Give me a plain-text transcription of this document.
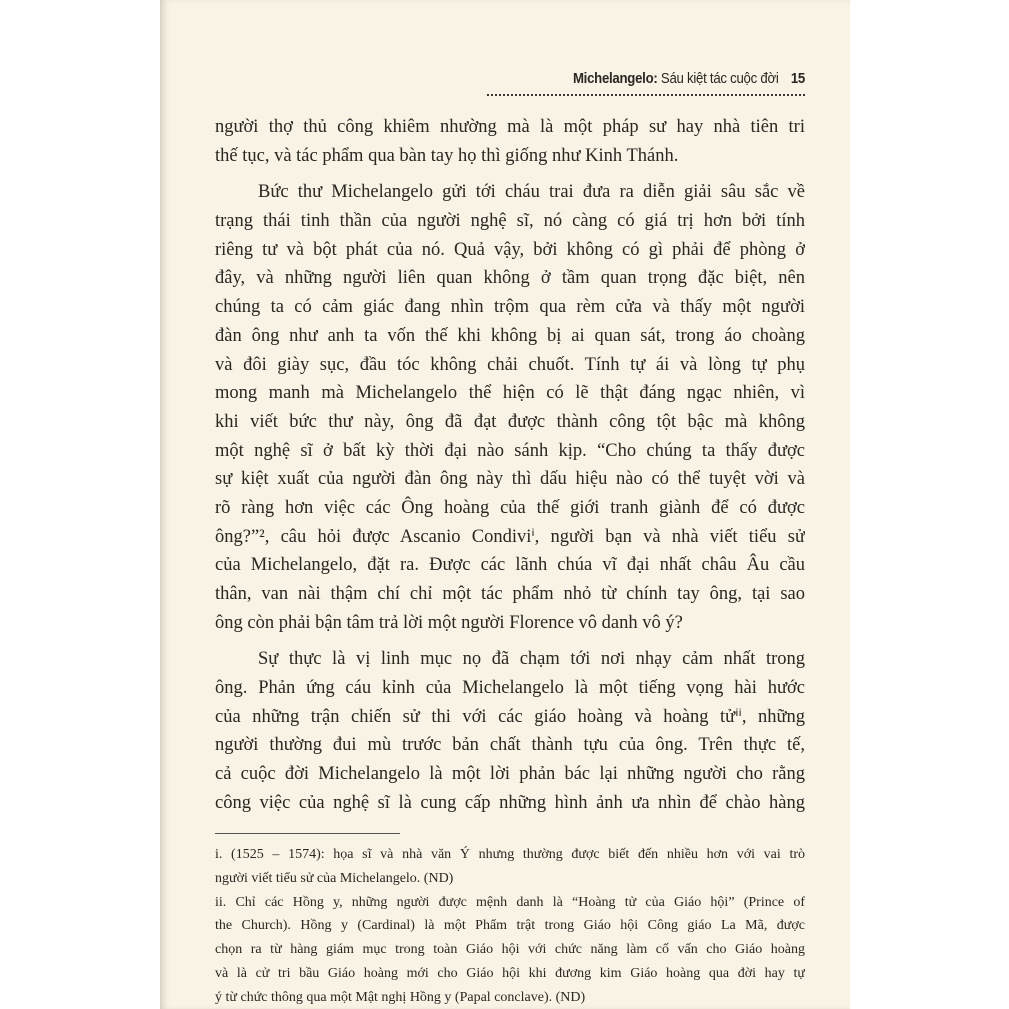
Michelangelo: Sáu kiệt tác cuộc đời 15
người thợ thủ công khiêm nhường mà là một pháp sư hay nhà tiên tri
thế tục, và tác phẩm qua bàn tay họ thì giống như Kinh Thánh.
Bức thư Michelangelo gửi tới cháu trai đưa ra diễn giải sâu sắc về
trạng thái tinh thần của người nghệ sĩ, nó càng có giá trị hơn bởi tính
riêng tư và bột phát của nó. Quả vậy, bởi không có gì phải để phòng ở
đây, và những người liên quan không ở tầm quan trọng đặc biệt, nên
chúng ta có cảm giác đang nhìn trộm qua rèm cửa và thấy một người
đàn ông như anh ta vốn thế khi không bị ai quan sát, trong áo choàng
và đôi giày sục, đầu tóc không chải chuốt. Tính tự ái và lòng tự phụ
mong manh mà Michelangelo thể hiện có lẽ thật đáng ngạc nhiên, vì
khi viết bức thư này, ông đã đạt được thành công tột bậc mà không
một nghệ sĩ ở bất kỳ thời đại nào sánh kịp. “Cho chúng ta thấy được
sự kiệt xuất của người đàn ông này thì dấu hiệu nào có thể tuyệt vời và
rõ ràng hơn việc các Ông hoàng của thế giới tranh giành để có được
ông?”², câu hỏi được Ascanio Condiviⁱ, người bạn và nhà viết tiểu sử
của Michelangelo, đặt ra. Được các lãnh chúa vĩ đại nhất châu Âu cầu
thân, van nài thậm chí chỉ một tác phẩm nhỏ từ chính tay ông, tại sao
ông còn phải bận tâm trả lời một người Florence vô danh vô ý?
Sự thực là vị linh mục nọ đã chạm tới nơi nhạy cảm nhất trong
ông. Phản ứng cáu kỉnh của Michelangelo là một tiếng vọng hài hước
của những trận chiến sử thi với các giáo hoàng và hoàng tửⁱⁱ, những
người thường đui mù trước bản chất thành tựu của ông. Trên thực tế,
cả cuộc đời Michelangelo là một lời phản bác lại những người cho rằng
công việc của nghệ sĩ là cung cấp những hình ảnh ưa nhìn để chào hàng
i. (1525 – 1574): họa sĩ và nhà văn Ý nhưng thường được biết đến nhiều hơn với vai trò
người viết tiểu sử của Michelangelo. (ND)
ii. Chỉ các Hồng y, những người được mệnh danh là “Hoàng tử của Giáo hội” (Prince of
the Church). Hồng y (Cardinal) là một Phẩm trật trong Giáo hội Công giáo La Mã, được
chọn ra từ hàng giám mục trong toàn Giáo hội với chức năng làm cố vấn cho Giáo hoàng
và là cử tri bầu Giáo hoàng mới cho Giáo hội khi đương kim Giáo hoàng qua đời hay tự
ý từ chức thông qua một Mật nghị Hồng y (Papal conclave). (ND)
